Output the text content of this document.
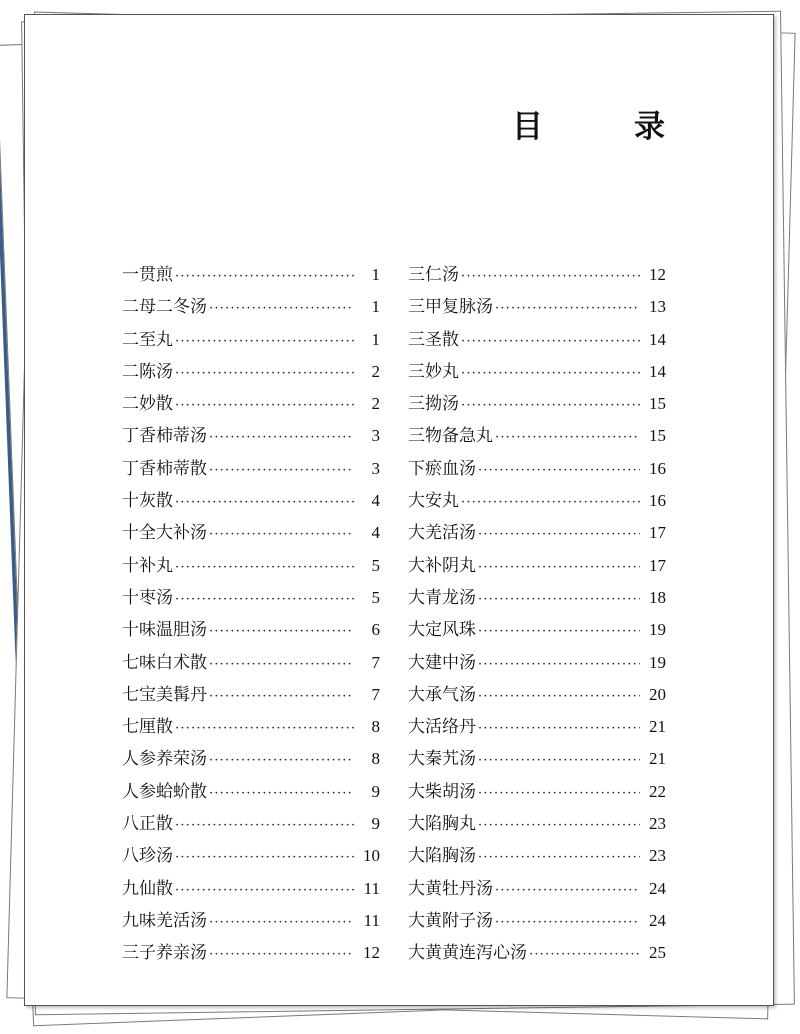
目　录
一贯煎 ·····	1
二母二冬汤 ·····	1
二至丸 ·····	1
二陈汤 ·····	2
二妙散 ·····	2
丁香柿蒂汤 ·····	3
丁香柿蒂散 ·····	3
十灰散 ·····	4
十全大补汤 ·····	4
十补丸 ·····	5
十枣汤 ·····	5
十味温胆汤 ·····	6
七味白术散 ·····	7
七宝美髯丹 ·····	7
七厘散 ·····	8
人参养荣汤 ·····	8
人参蛤蚧散 ·····	9
八正散 ·····	9
八珍汤 ·····	10
九仙散 ·····	11
九味羌活汤 ·····	11
三子养亲汤 ·····	12
三仁汤 ·····	12
三甲复脉汤 ·····	13
三圣散 ·····	14
三妙丸 ·····	14
三拗汤 ·····	15
三物备急丸 ·····	15
下瘀血汤 ·····	16
大安丸 ·····	16
大羌活汤 ·····	17
大补阴丸 ·····	17
大青龙汤 ·····	18
大定风珠 ·····	19
大建中汤 ·····	19
大承气汤 ·····	20
大活络丹 ·····	21
大秦艽汤 ·····	21
大柴胡汤 ·····	22
大陷胸丸 ·····	23
大陷胸汤 ·····	23
大黄牡丹汤 ·····	24
大黄附子汤 ·····	24
大黄黄连泻心汤 ·····	25
